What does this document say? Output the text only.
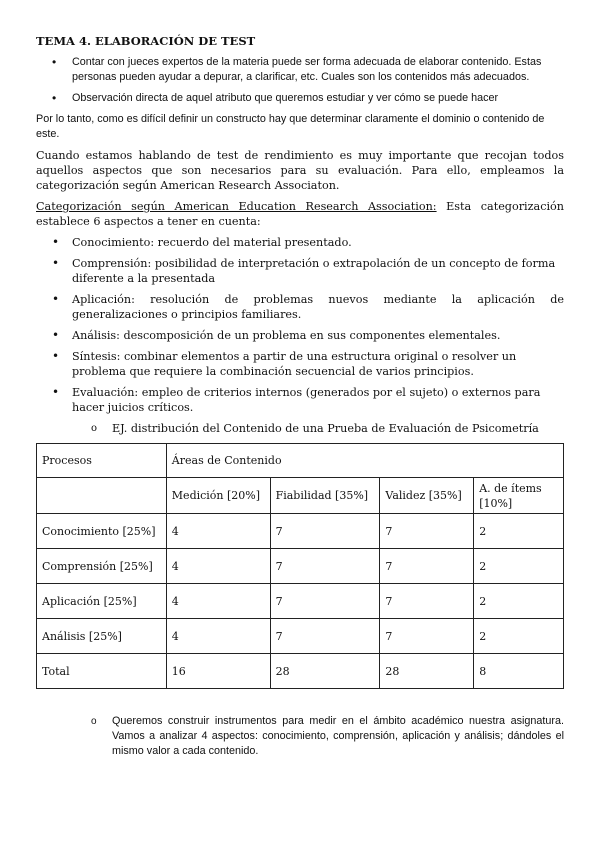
TEMA 4. ELABORACIÓN DE TEST
• Contar con jueces expertos de la materia puede ser forma adecuada de elaborar contenido. Estas personas pueden ayudar a depurar, a clarificar, etc. Cuales son los contenidos más adecuados.
• Observación directa de aquel atributo que queremos estudiar y ver cómo se puede hacer

Por lo tanto, como es difícil definir un constructo hay que determinar claramente el dominio o contenido de este.

Cuando estamos hablando de test de rendimiento es muy importante que recojan todos aquellos aspectos que son necesarios para su evaluación. Para ello, empleamos la categorización según American Research Associaton.

Categorización según American Education Research Association: Esta categorización establece 6 aspectos a tener en cuenta:

• Conocimiento: recuerdo del material presentado.
• Comprensión: posibilidad de interpretación o extrapolación de un concepto de forma diferente a la presentada
• Aplicación: resolución de problemas nuevos mediante la aplicación de generalizaciones o principios familiares.
• Análisis: descomposición de un problema en sus componentes elementales.
• Síntesis: combinar elementos a partir de una estructura original o resolver un problema que requiere la combinación secuencial de varios principios.
• Evaluación: empleo de criterios internos (generados por el sujeto) o externos para hacer juicios críticos.
o EJ. distribución del Contenido de una Prueba de Evaluación de Psicometría
Procesos	Áreas de Contenido			
	Medición [20%]	Fiabilidad [35%]	Validez [35%]	A. de ítems [10%]
Conocimiento [25%]	4	7	7	2
Comprensión [25%]	4	7	7	2
Aplicación [25%]	4	7	7	2
Análisis [25%]	4	7	7	2
Total	16	28	28	8
o Queremos construir instrumentos para medir en el ámbito académico nuestra asignatura. Vamos a analizar 4 aspectos: conocimiento, comprensión, aplicación y análisis; dándoles el mismo valor a cada contenido.
